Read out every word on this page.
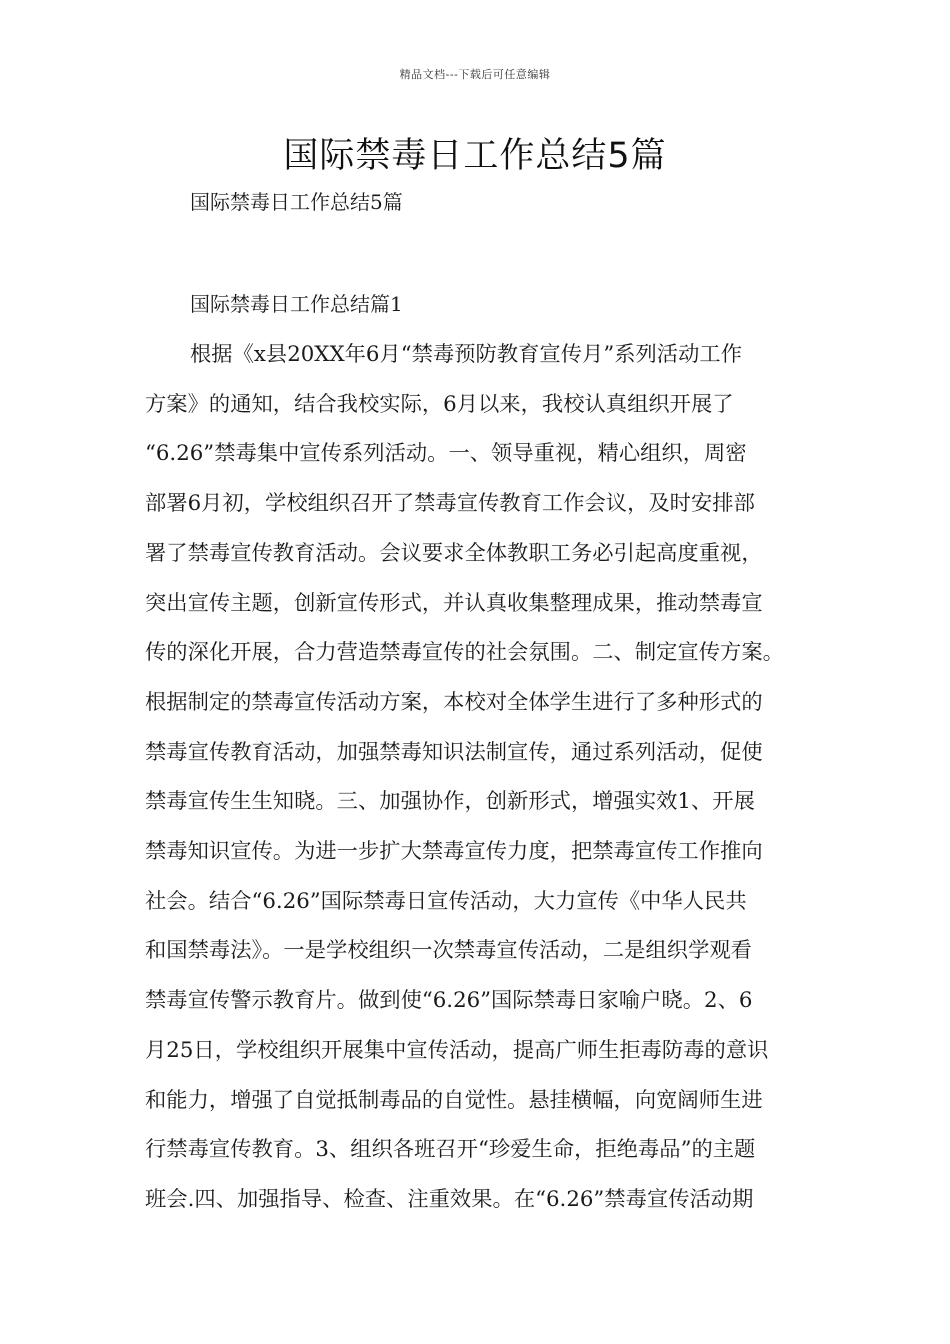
精品文档---下载后可任意编辑
国际禁毒日工作总结5篇
国际禁毒日工作总结5篇
国际禁毒日工作总结篇1
根据《x县20XX年6月“禁毒预防教育宣传月”系列活动工作
方案》的通知，结合我校实际，6月以来，我校认真组织开展了
“6.26”禁毒集中宣传系列活动。一、领导重视，精心组织，周密
部署6月初，学校组织召开了禁毒宣传教育工作会议，及时安排部
署了禁毒宣传教育活动。会议要求全体教职工务必引起高度重视，
突出宣传主题，创新宣传形式，并认真收集整理成果，推动禁毒宣
传的深化开展，合力营造禁毒宣传的社会氛围。二、制定宣传方案。
根据制定的禁毒宣传活动方案，本校对全体学生进行了多种形式的
禁毒宣传教育活动，加强禁毒知识法制宣传，通过系列活动，促使
禁毒宣传生生知晓。三、加强协作，创新形式，增强实效1、开展
禁毒知识宣传。为进一步扩大禁毒宣传力度，把禁毒宣传工作推向
社会。结合“6.26”国际禁毒日宣传活动，大力宣传《中华人民共
和国禁毒法》。一是学校组织一次禁毒宣传活动，二是组织学观看
禁毒宣传警示教育片。做到使“6.26”国际禁毒日家喻户晓。2、6
月25日，学校组织开展集中宣传活动，提高广师生拒毒防毒的意识
和能力，增强了自觉抵制毒品的自觉性。悬挂横幅，向宽阔师生进
行禁毒宣传教育。3、组织各班召开“珍爱生命，拒绝毒品”的主题
班会.四、加强指导、检查、注重效果。在“6.26”禁毒宣传活动期
